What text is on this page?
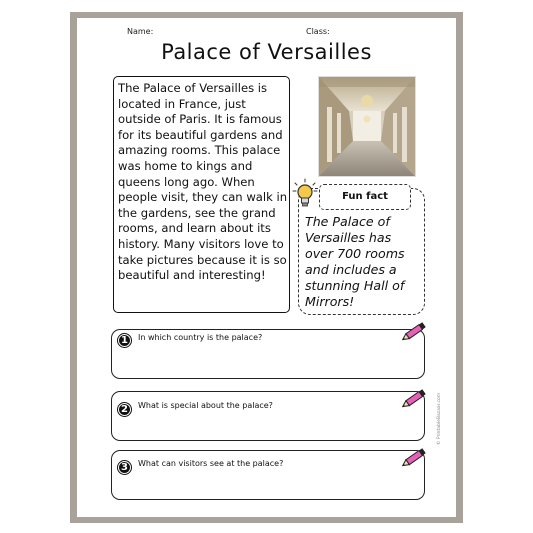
Name:	Class:
Palace of Versailles
The Palace of Versailles is located in France, just outside of Paris. It is famous for its beautiful gardens and amazing rooms. This palace was home to kings and queens long ago. When people visit, they can walk in the gardens, see the grand rooms, and learn about its history. Many visitors love to take pictures because it is so beautiful and interesting!
Fun fact
The Palace of Versailles has over 700 rooms and includes a stunning Hall of Mirrors!
1	In which country is the palace?
2	What is special about the palace?
3	What can visitors see at the palace?
© PrintableBazaar.com
